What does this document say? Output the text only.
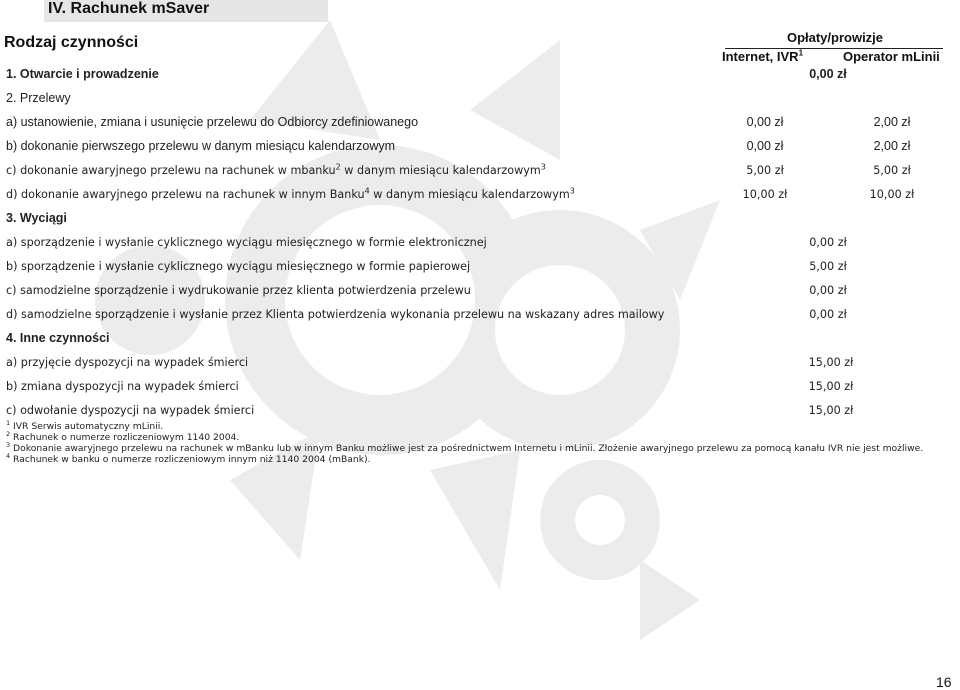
IV. Rachunek mSaver
Rodzaj czynności	Opłaty/prowizje
Internet, IVR$^1$	Operator mLinii
1. Otwarcie i prowadzenie	0,00 zł
2. Przelewy
a) ustanowienie, zmiana i usunięcie przelewu do Odbiorcy zdefiniowanego	0,00 zł	2,00 zł
b) dokonanie pierwszego przelewu w danym miesiącu kalendarzowym	0,00 zł	2,00 zł
c) dokonanie awaryjnego przelewu na rachunek w mbanku$^2$ w danym miesiącu kalendarzowym$^3$	5,00 zł	5,00 zł
d) dokonanie awaryjnego przelewu na rachunek w innym Banku$^4$ w danym miesiącu kalendarzowym$^3$	10,00 zł	10,00 zł
3. Wyciągi
a) sporządzenie i wysłanie cyklicznego wyciągu miesięcznego w formie elektronicznej	0,00 zł
b) sporządzenie i wysłanie cyklicznego wyciągu miesięcznego w formie papierowej	5,00 zł
c) samodzielne sporządzenie i wydrukowanie przez klienta potwierdzenia przelewu	0,00 zł
d) samodzielne sporządzenie i wysłanie przez Klienta potwierdzenia wykonania przelewu na wskazany adres mailowy	0,00 zł
4. Inne czynności
a) przyjęcie dyspozycji na wypadek śmierci	15,00 zł
b) zmiana dyspozycji na wypadek śmierci	15,00 zł
c) odwołanie dyspozycji na wypadek śmierci	15,00 zł

$^1$ IVR Serwis automatyczny mLinii.

$^2$ Rachunek o numerze rozliczeniowym 1140 2004.

$^3$ Dokonanie awaryjnego przelewu na rachunek w mBanku lub w innym Banku możliwe jest za pośrednictwem Internetu i mLinii. Złożenie awaryjnego przelewu za pomocą kanału IVR nie jest możliwe.

$^4$ Rachunek w banku o numerze rozliczeniowym innym niż 1140 2004 (mBank).

16
